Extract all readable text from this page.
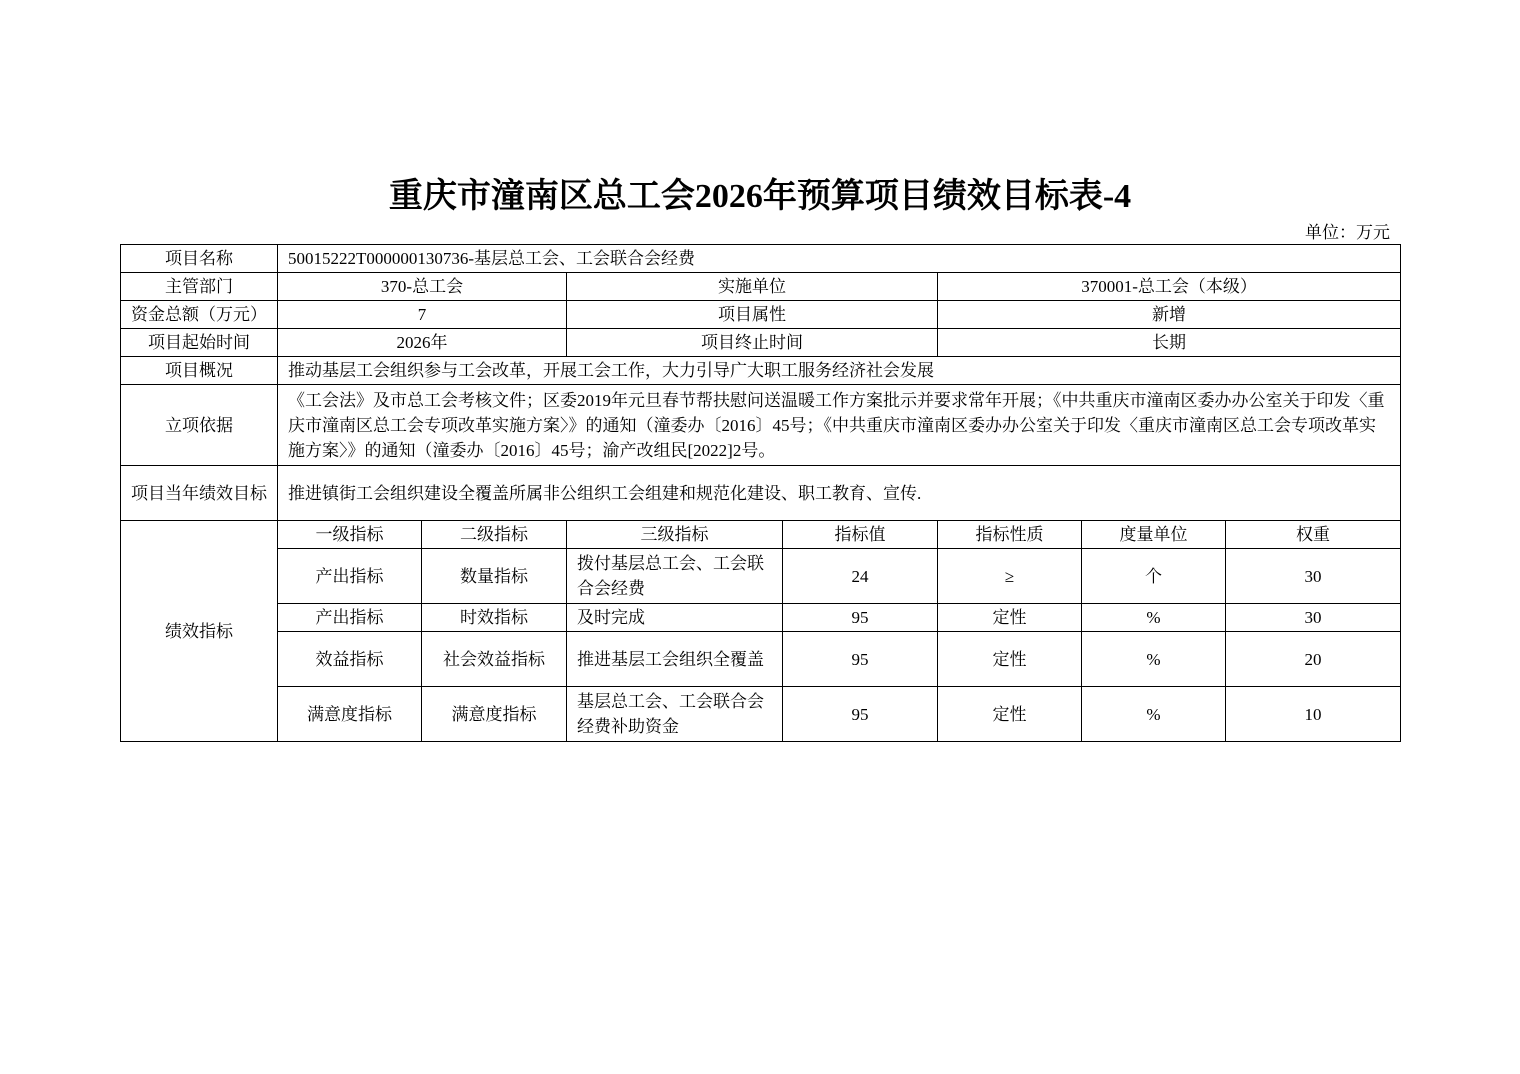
重庆市潼南区总工会2026年预算项目绩效目标表-4
单位：万元
项目名称	50015222T000000130736-基层总工会、工会联合会经费						
主管部门	370-总工会		实施单位		370001-总工会（本级）		
资金总额（万元）	7		项目属性		新增		
项目起始时间	2026年		项目终止时间		长期		
项目概况	推动基层工会组织参与工会改革，开展工会工作，大力引导广大职工服务经济社会发展						
立项依据	《工会法》及市总工会考核文件；区委2019年元旦春节帮扶慰问送温暖工作方案批示并要求常年开展；《中共重庆市潼南区委办办公室关于印发〈重庆市潼南区总工会专项改革实施方案〉》的通知（潼委办〔2016〕45号；《中共重庆市潼南区委办办公室关于印发〈重庆市潼南区总工会专项改革实施方案〉》的通知（潼委办〔2016〕45号；渝产改组民[2022]2号。						
项目当年绩效目标	推进镇街工会组织建设全覆盖所属非公组织工会组建和规范化建设、职工教育、宣传.						
绩效指标	一级指标	二级指标	三级指标	指标值	指标性质	度量单位	权重
	产出指标	数量指标	拨付基层总工会、工会联合会经费	24	≥	个	30
	产出指标	时效指标	及时完成	95	定性	%	30
	效益指标	社会效益指标	推进基层工会组织全覆盖	95	定性	%	20
	满意度指标	满意度指标	基层总工会、工会联合会经费补助资金	95	定性	%	10
